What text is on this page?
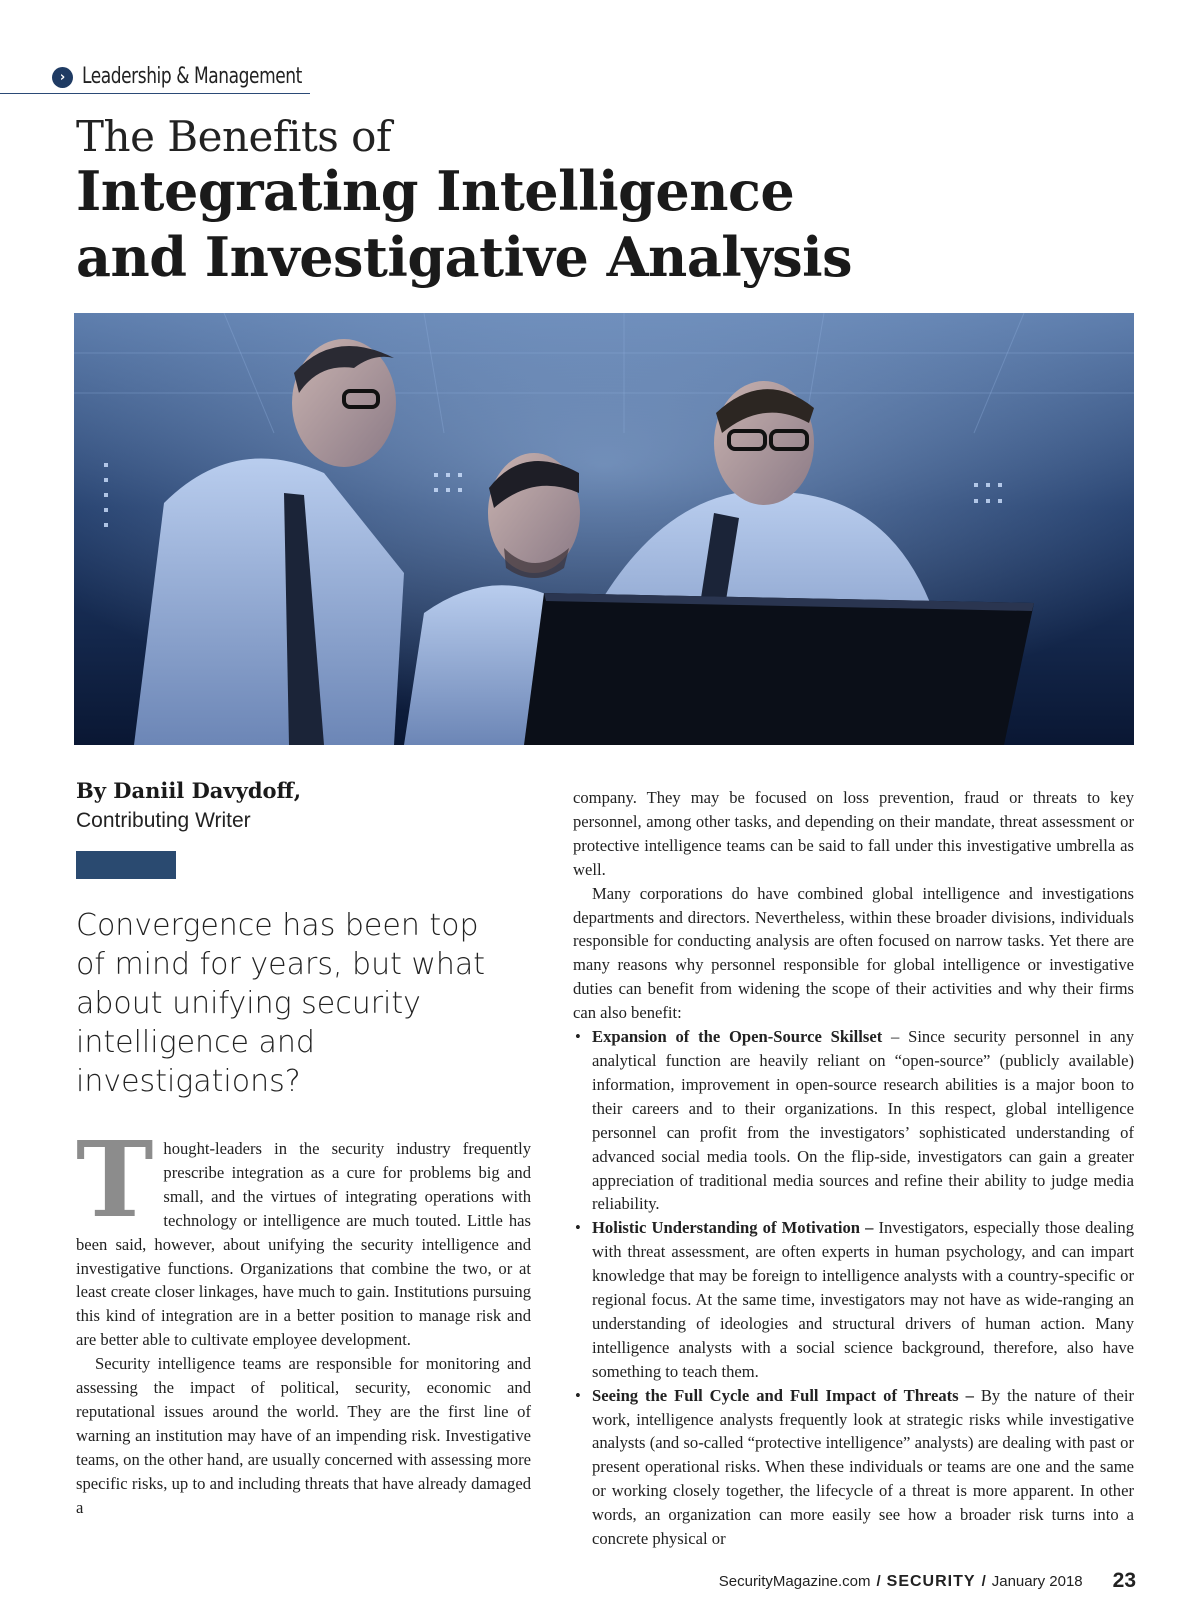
› Leadership & Management
The Benefits of
Integrating Intelligence
and Investigative Analysis
By Daniil Davydoff,
Contributing Writer
Convergence has been top of mind for years, but what about unifying security intelligence and investigations?

Thought-leaders in the security industry frequently prescribe integration as a cure for problems big and small, and the virtues of integrating operations with technology or intelligence are much touted. Little has been said, however, about unifying the security intelligence and investigative functions. Organizations that combine the two, or at least create closer linkages, have much to gain. Institutions pursuing this kind of integration are in a better position to manage risk and are better able to cultivate employee development.

Security intelligence teams are responsible for monitoring and assessing the impact of political, security, economic and reputational issues around the world. They are the first line of warning an institution may have of an impending risk. Investigative teams, on the other hand, are usually concerned with assessing more specific risks, up to and including threats that have already damaged a

company. They may be focused on loss prevention, fraud or threats to key personnel, among other tasks, and depending on their mandate, threat assessment or protective intelligence teams can be said to fall under this investigative umbrella as well.

Many corporations do have combined global intelligence and investigations departments and directors. Nevertheless, within these broader divisions, individuals responsible for conducting analysis are often focused on narrow tasks. Yet there are many reasons why personnel responsible for global intelligence or investigative duties can benefit from widening the scope of their activities and why their firms can also benefit:

• Expansion of the Open-Source Skillset – Since security personnel in any analytical function are heavily reliant on “open-source” (publicly available) information, improvement in open-source research abilities is a major boon to their careers and to their organizations. In this respect, global intelligence personnel can profit from the investigators’ sophisticated understanding of advanced social media tools. On the flip-side, investigators can gain a greater appreciation of traditional media sources and refine their ability to judge media reliability.
• Holistic Understanding of Motivation – Investigators, especially those dealing with threat assessment, are often experts in human psychology, and can impart knowledge that may be foreign to intelligence analysts with a country-specific or regional focus. At the same time, investigators may not have as wide-ranging an understanding of ideologies and structural drivers of human action. Many intelligence analysts with a social science background, therefore, also have something to teach them.
• Seeing the Full Cycle and Full Impact of Threats – By the nature of their work, intelligence analysts frequently look at strategic risks while investigative analysts (and so-called “protective intelligence” analysts) are dealing with past or present operational risks. When these individuals or teams are one and the same or working closely together, the lifecycle of a threat is more apparent. In other words, an organization can more easily see how a broader risk turns into a concrete physical or
SecurityMagazine.com / SECURITY / January 2018 23
